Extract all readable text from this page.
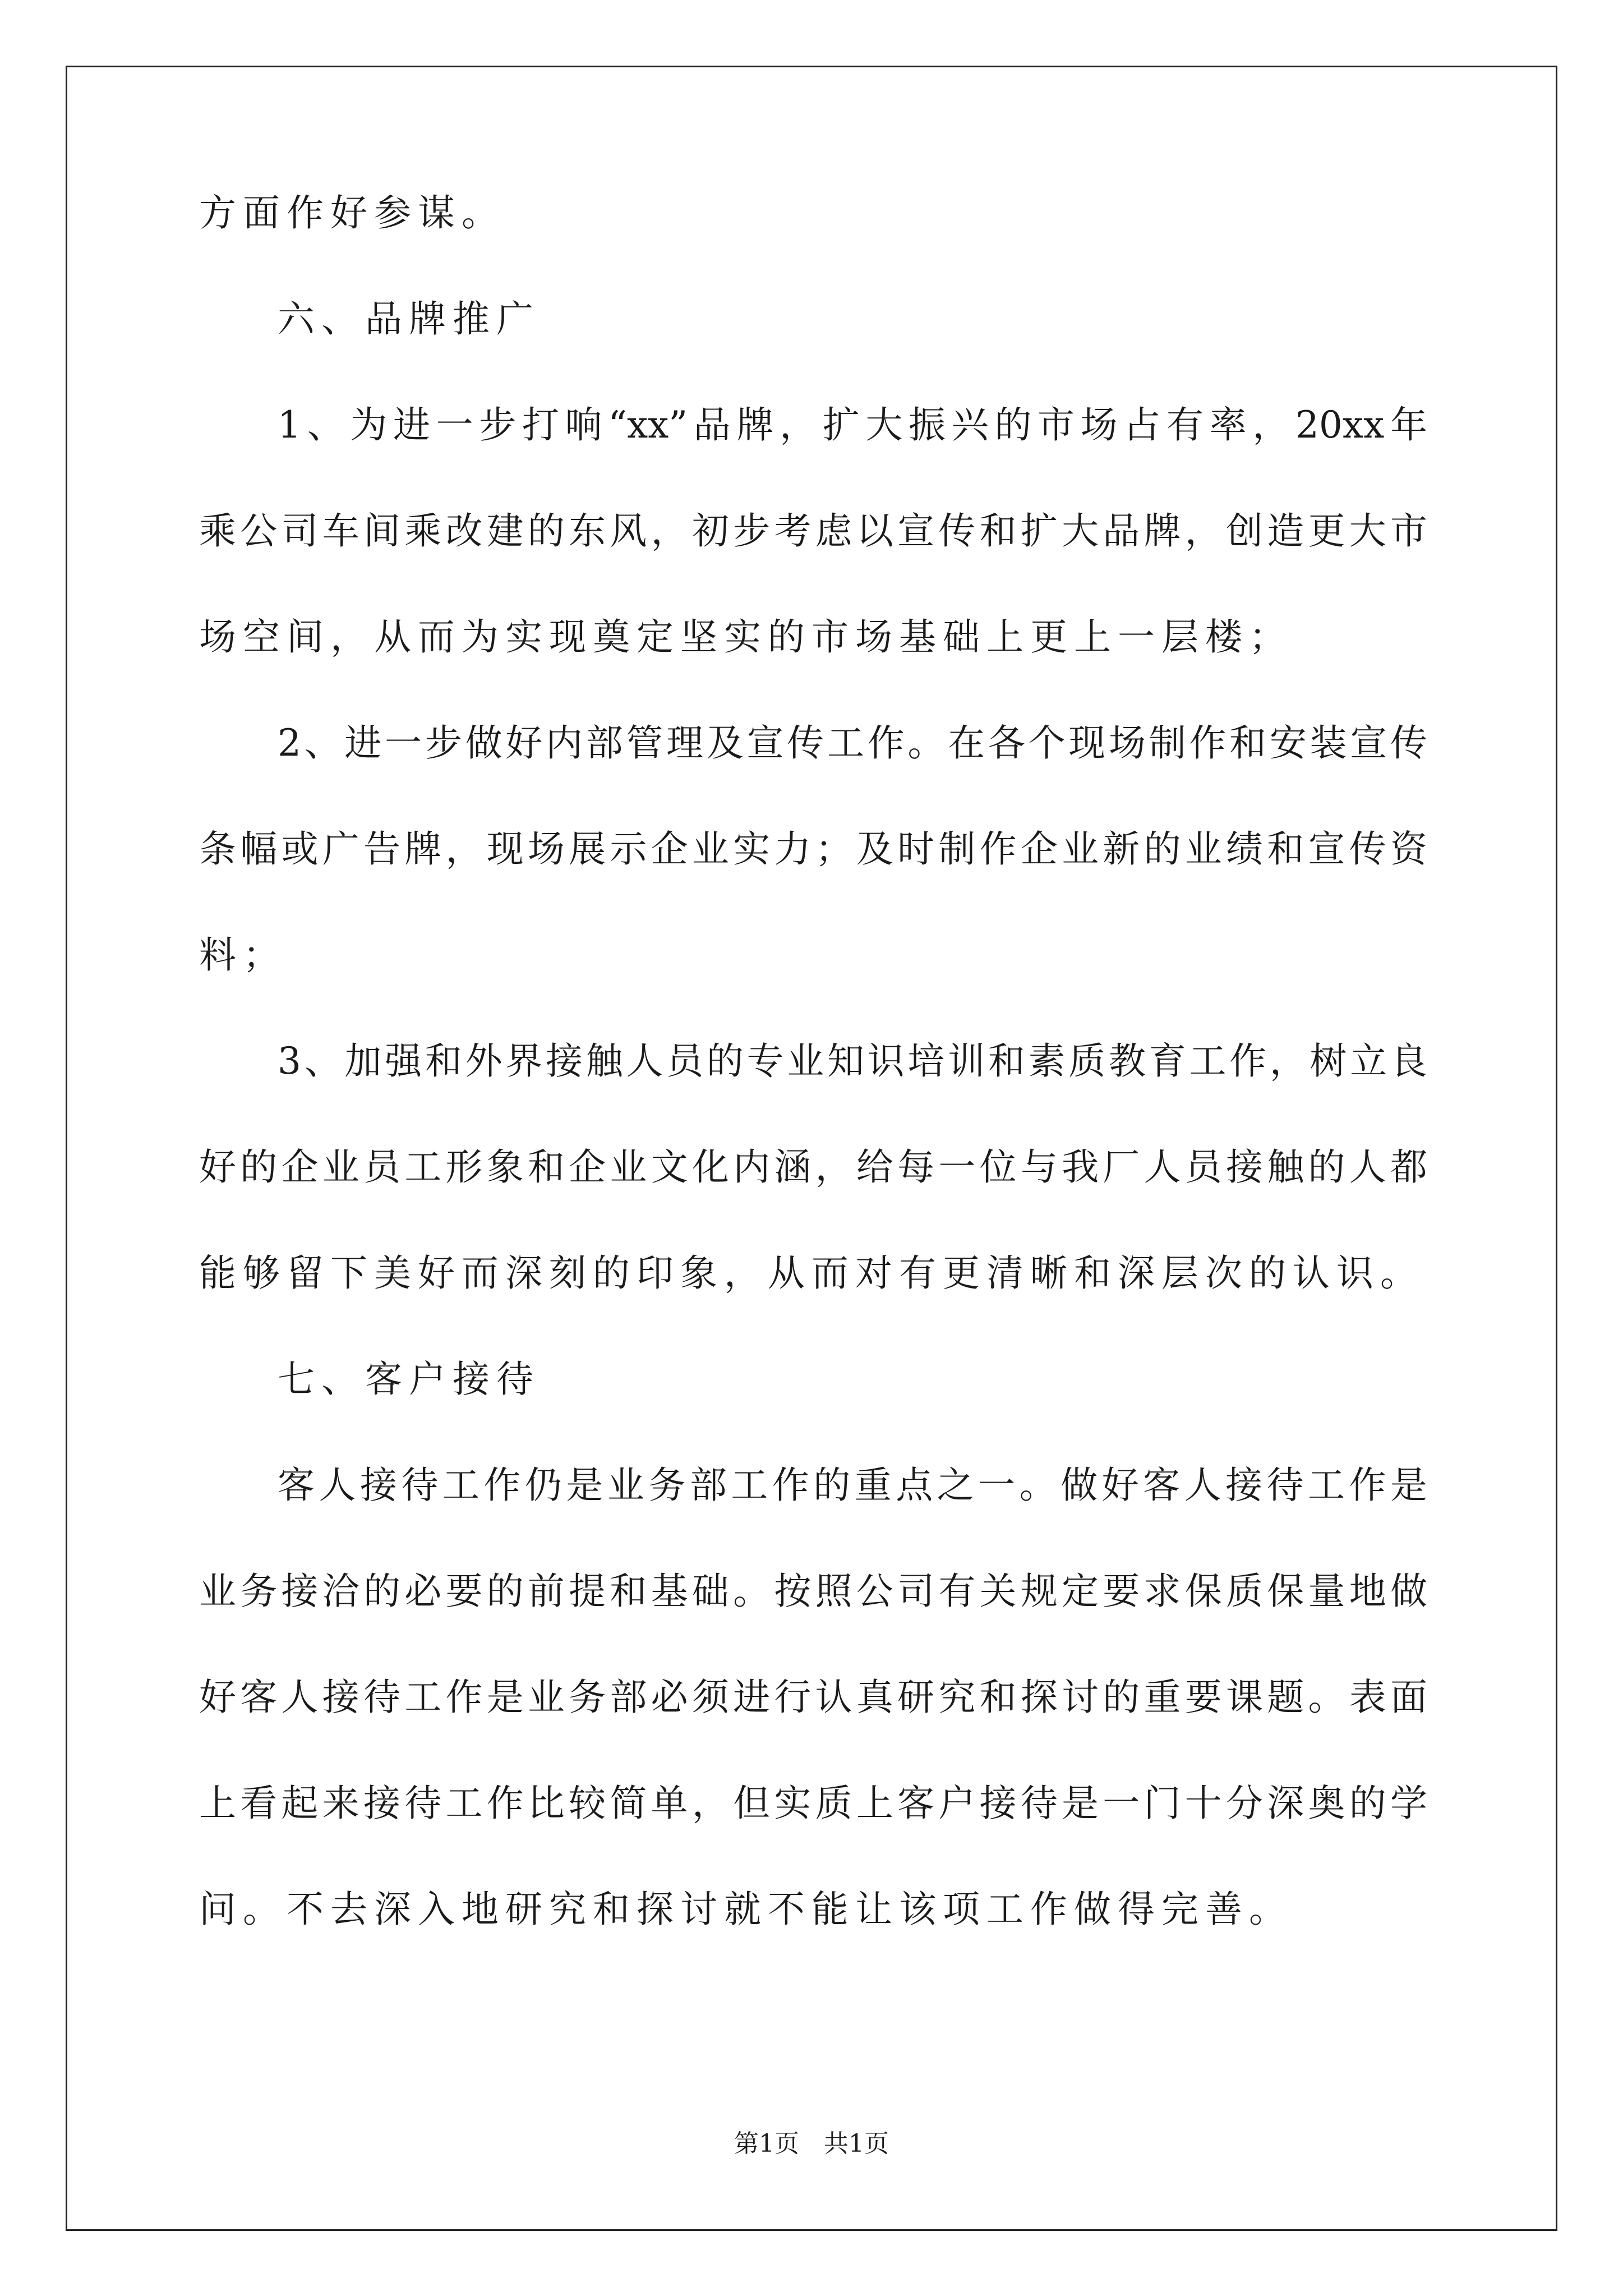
方面作好参谋。
六、品牌推广
1、为进一步打响“xx”品牌，扩大振兴的市场占有率，20xx年
乘公司车间乘改建的东风，初步考虑以宣传和扩大品牌，创造更大市
场空间，从而为实现奠定坚实的市场基础上更上一层楼；
2、进一步做好内部管理及宣传工作。在各个现场制作和安装宣传
条幅或广告牌，现场展示企业实力；及时制作企业新的业绩和宣传资
料；
3、加强和外界接触人员的专业知识培训和素质教育工作，树立良
好的企业员工形象和企业文化内涵，给每一位与我厂人员接触的人都
能够留下美好而深刻的印象，从而对有更清晰和深层次的认识。
七、客户接待
客人接待工作仍是业务部工作的重点之一。做好客人接待工作是
业务接洽的必要的前提和基础。按照公司有关规定要求保质保量地做
好客人接待工作是业务部必须进行认真研究和探讨的重要课题。表面
上看起来接待工作比较简单，但实质上客户接待是一门十分深奥的学
问。不去深入地研究和探讨就不能让该项工作做得完善。
第1页　共1页
